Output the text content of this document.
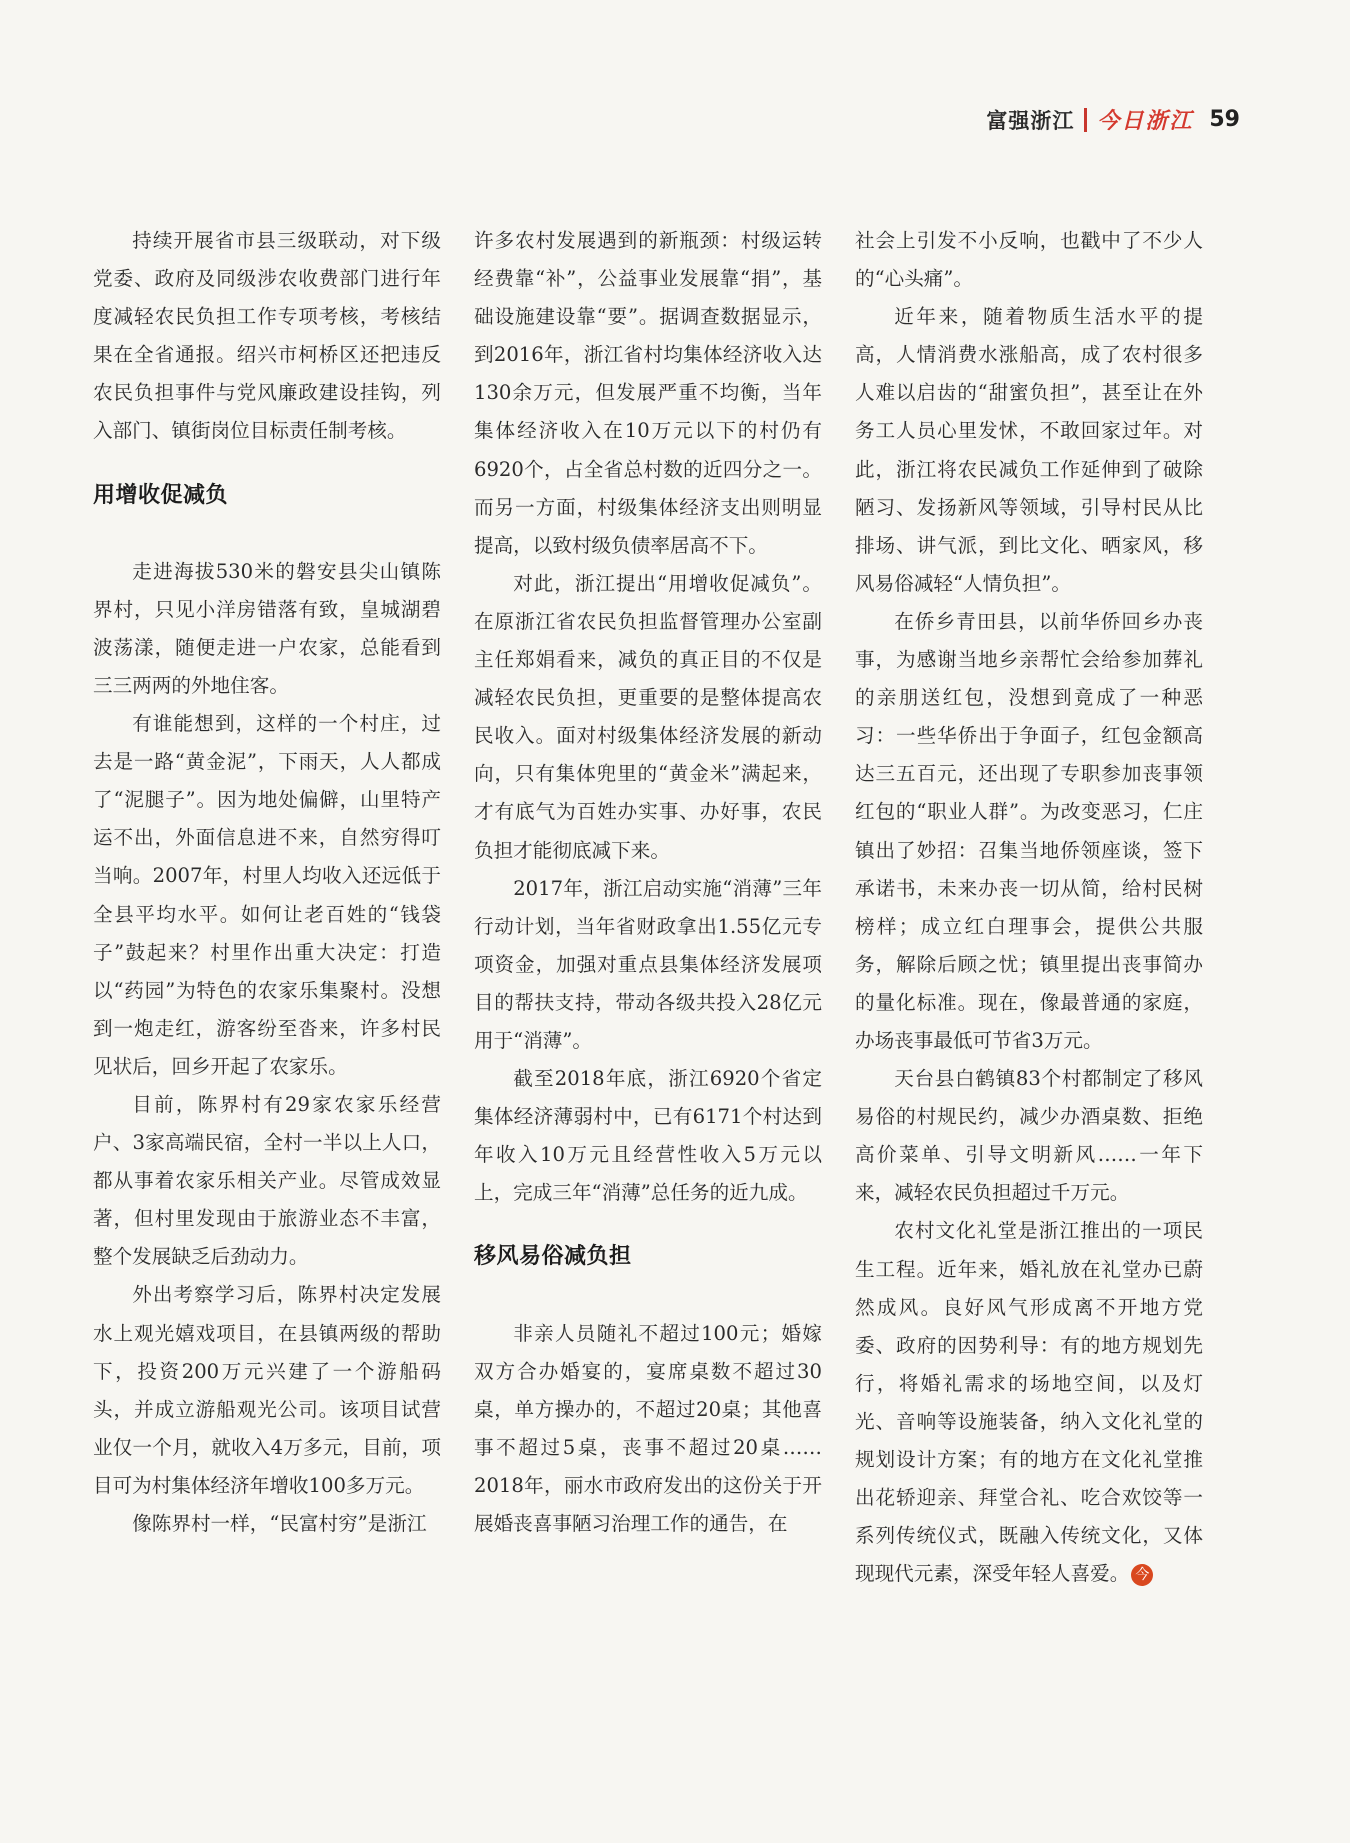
富强浙江 今日浙江 59

持续开展省市县三级联动，对下级党委、政府及同级涉农收费部门进行年度减轻农民负担工作专项考核，考核结果在全省通报。绍兴市柯桥区还把违反农民负担事件与党风廉政建设挂钩，列入部门、镇街岗位目标责任制考核。

用增收促减负

走进海拔530米的磐安县尖山镇陈界村，只见小洋房错落有致，皇城湖碧波荡漾，随便走进一户农家，总能看到三三两两的外地住客。

有谁能想到，这样的一个村庄，过去是一路“黄金泥”，下雨天，人人都成了“泥腿子”。因为地处偏僻，山里特产运不出，外面信息进不来，自然穷得叮当响。2007年，村里人均收入还远低于全县平均水平。如何让老百姓的“钱袋子”鼓起来？村里作出重大决定：打造以“药园”为特色的农家乐集聚村。没想到一炮走红，游客纷至沓来，许多村民见状后，回乡开起了农家乐。

目前，陈界村有29家农家乐经营户、3家高端民宿，全村一半以上人口，都从事着农家乐相关产业。尽管成效显著，但村里发现由于旅游业态不丰富，整个发展缺乏后劲动力。

外出考察学习后，陈界村决定发展水上观光嬉戏项目，在县镇两级的帮助下，投资200万元兴建了一个游船码头，并成立游船观光公司。该项目试营业仅一个月，就收入4万多元，目前，项目可为村集体经济年增收100多万元。

像陈界村一样，“民富村穷”是浙江

许多农村发展遇到的新瓶颈：村级运转经费靠“补”，公益事业发展靠“捐”，基础设施建设靠“要”。据调查数据显示，到2016年，浙江省村均集体经济收入达130余万元，但发展严重不均衡，当年集体经济收入在10万元以下的村仍有6920个，占全省总村数的近四分之一。而另一方面，村级集体经济支出则明显提高，以致村级负债率居高不下。

对此，浙江提出“用增收促减负”。在原浙江省农民负担监督管理办公室副主任郑娟看来，减负的真正目的不仅是减轻农民负担，更重要的是整体提高农民收入。面对村级集体经济发展的新动向，只有集体兜里的“黄金米”满起来，才有底气为百姓办实事、办好事，农民负担才能彻底减下来。

2017年，浙江启动实施“消薄”三年行动计划，当年省财政拿出1.55亿元专项资金，加强对重点县集体经济发展项目的帮扶支持，带动各级共投入28亿元用于“消薄”。

截至2018年底，浙江6920个省定集体经济薄弱村中，已有6171个村达到年收入10万元且经营性收入5万元以上，完成三年“消薄”总任务的近九成。

移风易俗减负担

非亲人员随礼不超过100元；婚嫁双方合办婚宴的，宴席桌数不超过30桌，单方操办的，不超过20桌；其他喜事不超过5桌，丧事不超过20桌……2018年，丽水市政府发出的这份关于开展婚丧喜事陋习治理工作的通告，在

社会上引发不小反响，也戳中了不少人的“心头痛”。

近年来，随着物质生活水平的提高，人情消费水涨船高，成了农村很多人难以启齿的“甜蜜负担”，甚至让在外务工人员心里发怵，不敢回家过年。对此，浙江将农民减负工作延伸到了破除陋习、发扬新风等领域，引导村民从比排场、讲气派，到比文化、晒家风，移风易俗减轻“人情负担”。

在侨乡青田县，以前华侨回乡办丧事，为感谢当地乡亲帮忙会给参加葬礼的亲朋送红包，没想到竟成了一种恶习：一些华侨出于争面子，红包金额高达三五百元，还出现了专职参加丧事领红包的“职业人群”。为改变恶习，仁庄镇出了妙招：召集当地侨领座谈，签下承诺书，未来办丧一切从简，给村民树榜样；成立红白理事会，提供公共服务，解除后顾之忧；镇里提出丧事简办的量化标准。现在，像最普通的家庭，办场丧事最低可节省3万元。

天台县白鹤镇83个村都制定了移风易俗的村规民约，减少办酒桌数、拒绝高价菜单、引导文明新风……一年下来，减轻农民负担超过千万元。

农村文化礼堂是浙江推出的一项民生工程。近年来，婚礼放在礼堂办已蔚然成风。良好风气形成离不开地方党委、政府的因势利导：有的地方规划先行，将婚礼需求的场地空间，以及灯光、音响等设施装备，纳入文化礼堂的规划设计方案；有的地方在文化礼堂推出花轿迎亲、拜堂合礼、吃合欢饺等一系列传统仪式，既融入传统文化，又体现现代元素，深受年轻人喜爱。 今
